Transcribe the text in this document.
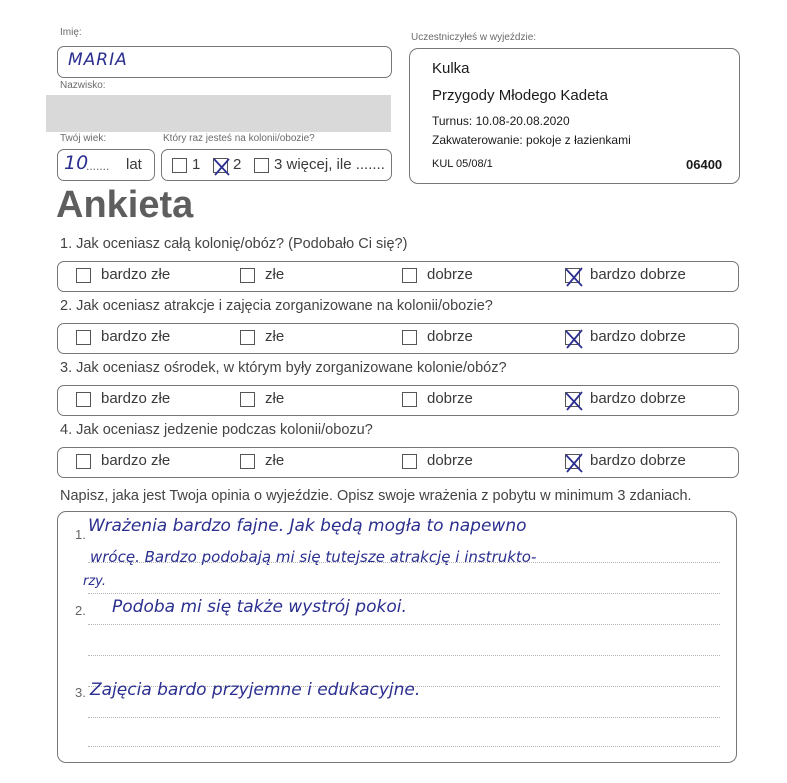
Imię:
MARIA
Nazwisko:
Twój wiek:
10
....... lat
Który raz jesteś na kolonii/obozie?
1 2 3 więcej, ile .......
Uczestniczyłeś w wyjeździe:
Kulka
Przygody Młodego Kadeta
Turnus: 10.08-20.08.2020
Zakwaterowanie: pokoje z łazienkami
KUL 05/08/1	06400
Ankieta
1. Jak oceniasz całą kolonię/obóz? (Podobało Ci się?)
bardzo złe	złe	dobrze	bardzo dobrze
2. Jak oceniasz atrakcje i zajęcia zorganizowane na kolonii/obozie?
bardzo złe	złe	dobrze	bardzo dobrze
3. Jak oceniasz ośrodek, w którym były zorganizowane kolonie/obóz?
bardzo złe	złe	dobrze	bardzo dobrze
4. Jak oceniasz jedzenie podczas kolonii/obozu?
bardzo złe	złe	dobrze	bardzo dobrze
Napisz, jaka jest Twoja opinia o wyjeździe. Opisz swoje wrażenia z pobytu w minimum 3 zdaniach.
1.
2.
3.
Wrażenia bardzo fajne. Jak będą mogła to napewno
wrócę. Bardzo podobają mi się tutejsze atrakcję i instrukto-
rzy.
Podoba mi się także wystrój pokoi.
Zajęcia bardo przyjemne i edukacyjne.
